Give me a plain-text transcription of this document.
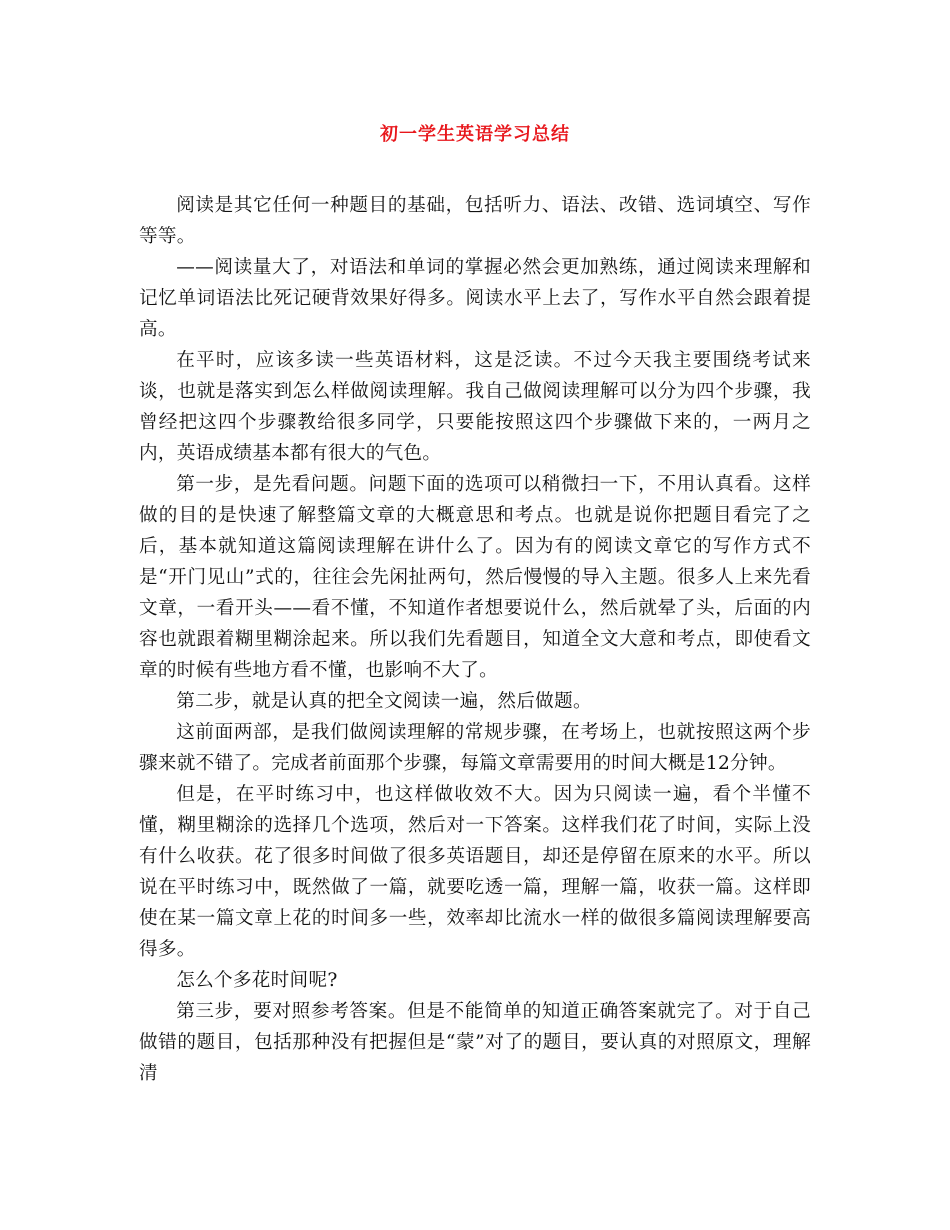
初一学生英语学习总结

阅读是其它任何一种题目的基础，包括听力、语法、改错、选词填空、写作等等。

——阅读量大了，对语法和单词的掌握必然会更加熟练，通过阅读来理解和记忆单词语法比死记硬背效果好得多。阅读水平上去了，写作水平自然会跟着提高。

在平时，应该多读一些英语材料，这是泛读。不过今天我主要围绕考试来谈，也就是落实到怎么样做阅读理解。我自己做阅读理解可以分为四个步骤，我曾经把这四个步骤教给很多同学，只要能按照这四个步骤做下来的，一两月之内，英语成绩基本都有很大的气色。

第一步，是先看问题。问题下面的选项可以稍微扫一下，不用认真看。这样做的目的是快速了解整篇文章的大概意思和考点。也就是说你把题目看完了之后，基本就知道这篇阅读理解在讲什么了。因为有的阅读文章它的写作方式不是“开门见山”式的，往往会先闲扯两句，然后慢慢的导入主题。很多人上来先看文章，一看开头——看不懂，不知道作者想要说什么，然后就晕了头，后面的内容也就跟着糊里糊涂起来。所以我们先看题目，知道全文大意和考点，即使看文章的时候有些地方看不懂，也影响不大了。

第二步，就是认真的把全文阅读一遍，然后做题。

这前面两部，是我们做阅读理解的常规步骤，在考场上，也就按照这两个步骤来就不错了。完成者前面那个步骤，每篇文章需要用的时间大概是12分钟。

但是，在平时练习中，也这样做收效不大。因为只阅读一遍，看个半懂不懂，糊里糊涂的选择几个选项，然后对一下答案。这样我们花了时间，实际上没有什么收获。花了很多时间做了很多英语题目，却还是停留在原来的水平。所以说在平时练习中，既然做了一篇，就要吃透一篇，理解一篇，收获一篇。这样即使在某一篇文章上花的时间多一些，效率却比流水一样的做很多篇阅读理解要高得多。

怎么个多花时间呢?

第三步，要对照参考答案。但是不能简单的知道正确答案就完了。对于自己做错的题目，包括那种没有把握但是“蒙”对了的题目，要认真的对照原文，理解清
